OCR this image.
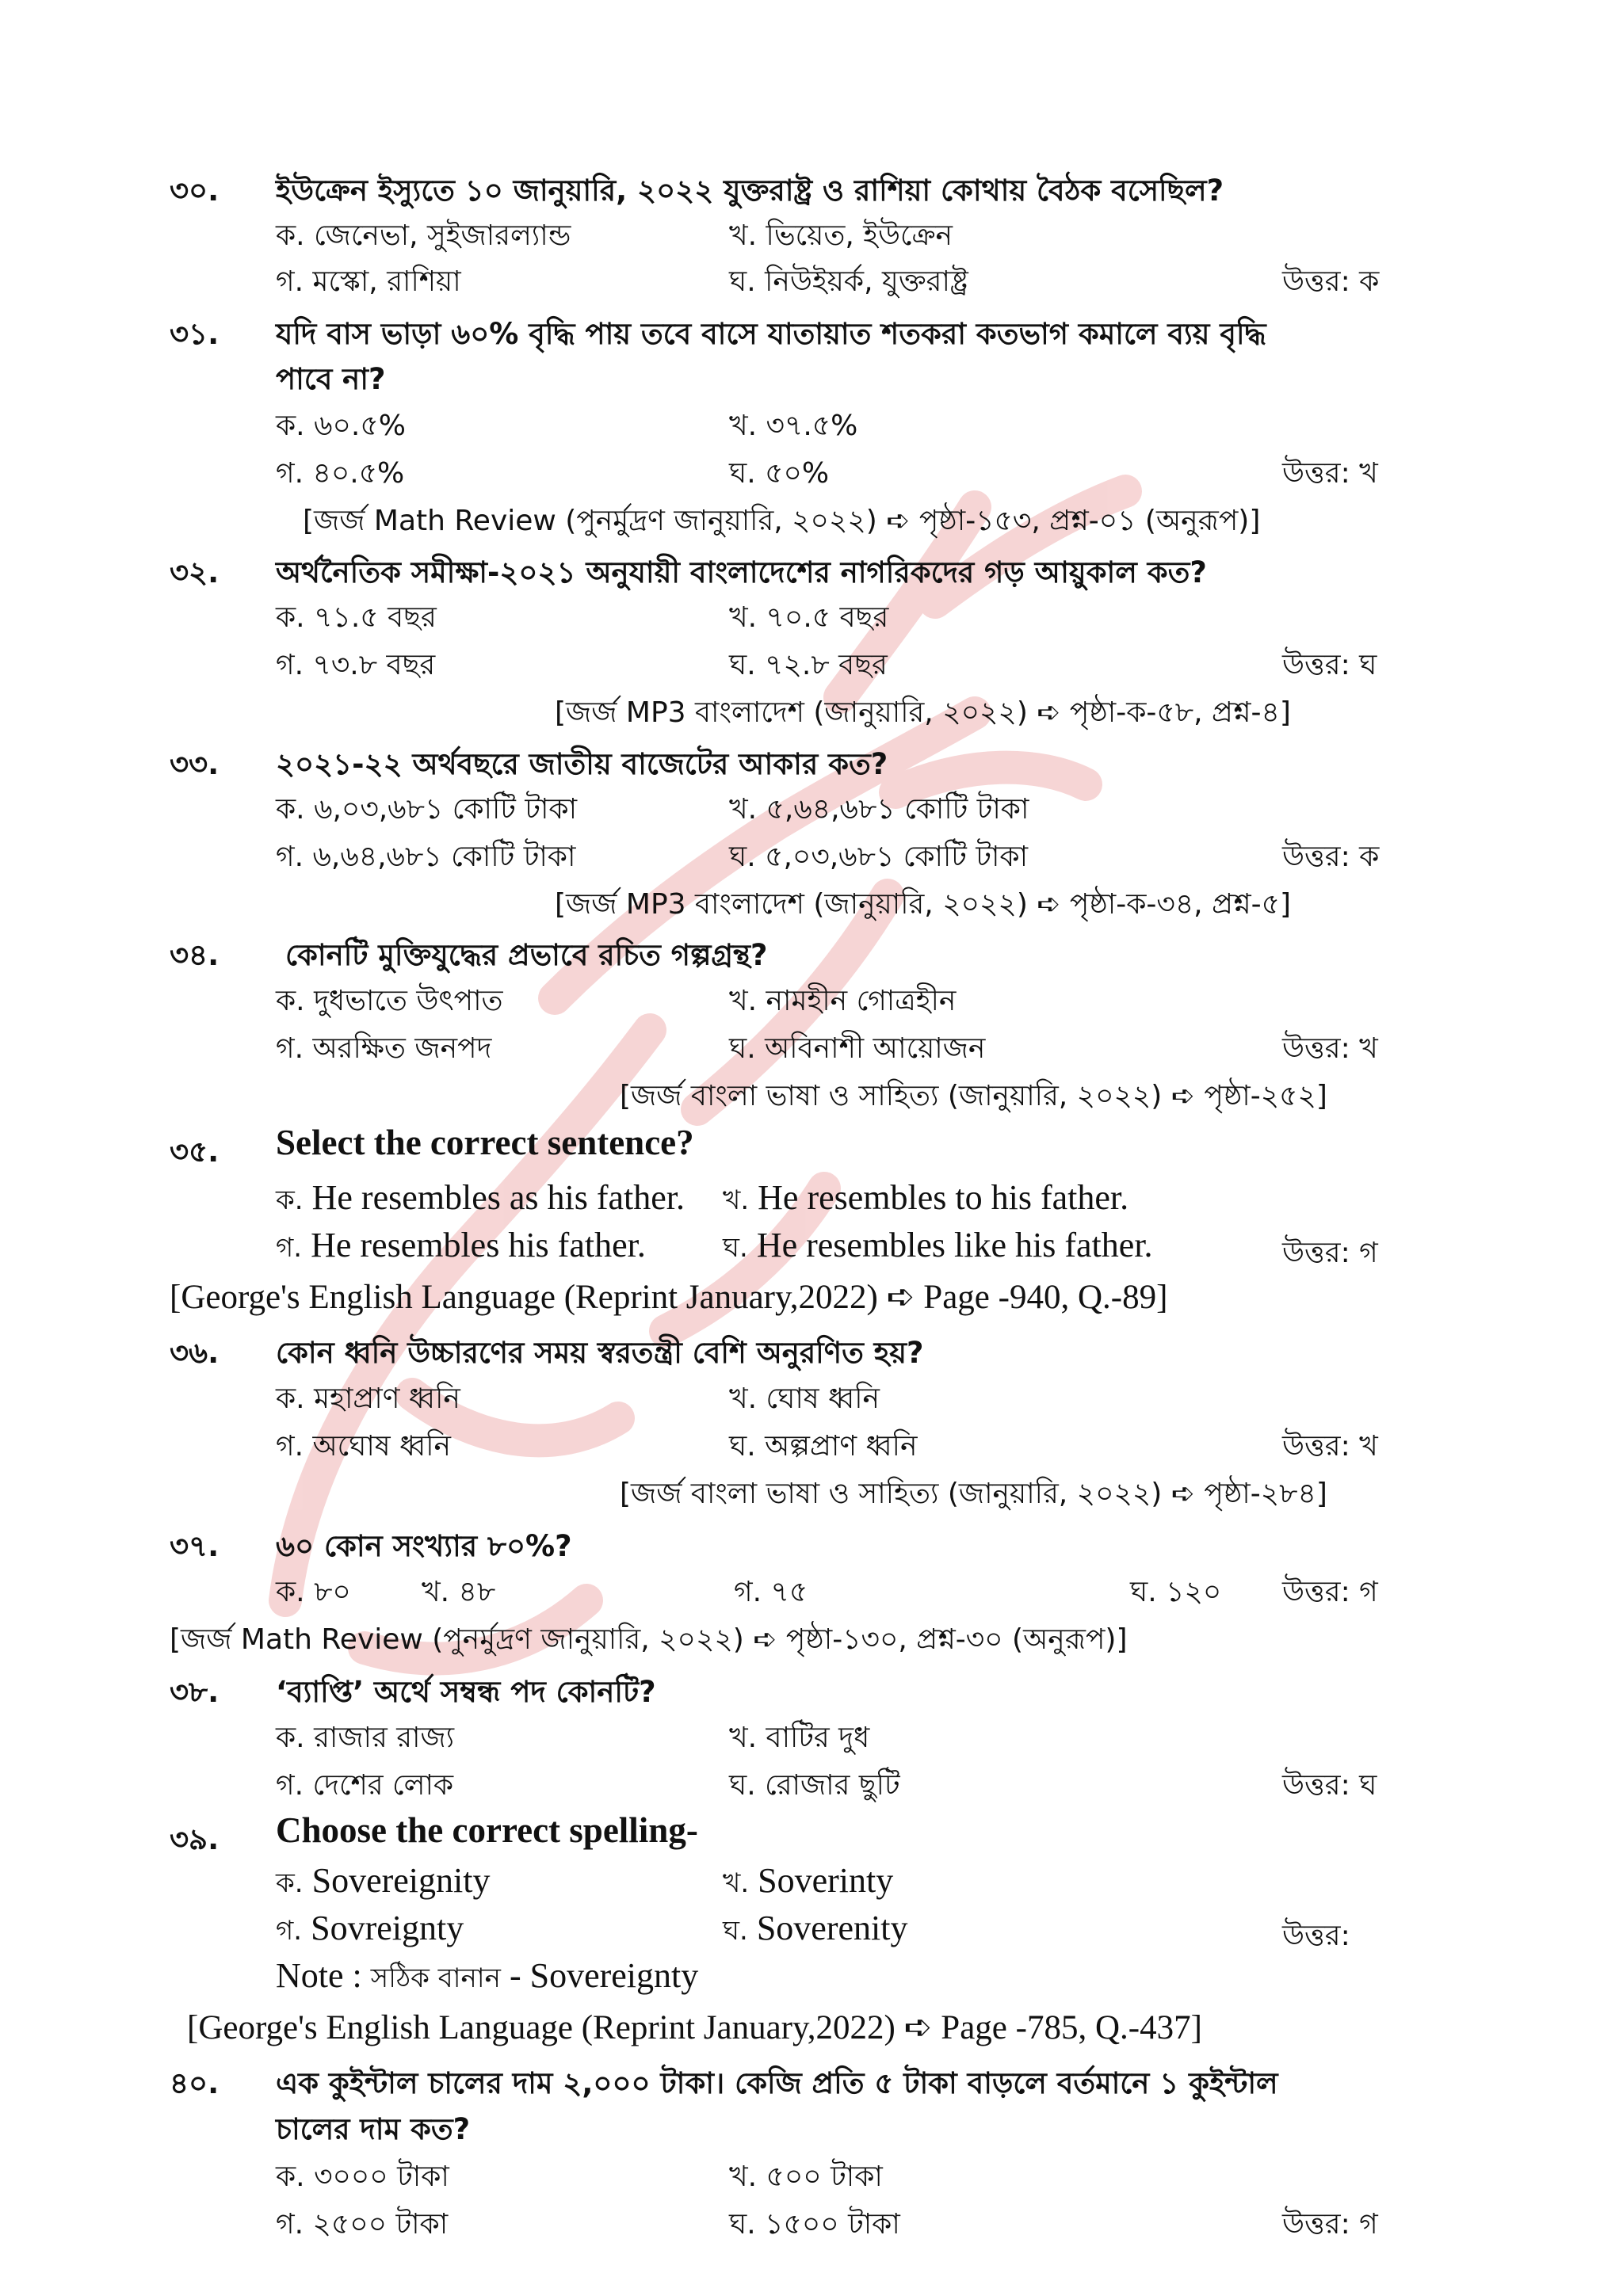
৩০. ইউক্রেন ইস্যুতে ১০ জানুয়ারি, ২০২২ যুক্তরাষ্ট্র ও রাশিয়া কোথায় বৈঠক বসেছিল?
ক. জেনেভা, সুইজারল্যান্ড	খ. ভিয়েত, ইউক্রেন
গ. মস্কো, রাশিয়া	ঘ. নিউইয়র্ক, যুক্তরাষ্ট্র	উত্তর: ক
৩১. যদি বাস ভাড়া ৬০% বৃদ্ধি পায় তবে বাসে যাতায়াত শতকরা কতভাগ কমালে ব্যয় বৃদ্ধি
পাবে না?
ক. ৬০.৫%	খ. ৩৭.৫%
গ. ৪০.৫%	ঘ. ৫০%	উত্তর: খ
[জর্জ Math Review (পুনর্মুদ্রণ জানুয়ারি, ২০২২) ➪ পৃষ্ঠা-১৫৩, প্রশ্ন-০১ (অনুরূপ)]
৩২. অর্থনৈতিক সমীক্ষা-২০২১ অনুযায়ী বাংলাদেশের নাগরিকদের গড় আয়ুকাল কত?
ক. ৭১.৫ বছর	খ. ৭০.৫ বছর
গ. ৭৩.৮ বছর	ঘ. ৭২.৮ বছর	উত্তর: ঘ
[জর্জ MP3 বাংলাদেশ (জানুয়ারি, ২০২২) ➪ পৃষ্ঠা-ক-৫৮, প্রশ্ন-৪]
৩৩. ২০২১-২২ অর্থবছরে জাতীয় বাজেটের আকার কত?
ক. ৬,০৩,৬৮১ কোটি টাকা	খ. ৫,৬৪,৬৮১ কোটি টাকা
গ. ৬,৬৪,৬৮১ কোটি টাকা	ঘ. ৫,০৩,৬৮১ কোটি টাকা	উত্তর: ক
[জর্জ MP3 বাংলাদেশ (জানুয়ারি, ২০২২) ➪ পৃষ্ঠা-ক-৩৪, প্রশ্ন-৫]
৩৪. কোনটি মুক্তিযুদ্ধের প্রভাবে রচিত গল্পগ্রন্থ?
ক. দুধভাতে উৎপাত	খ. নামহীন গোত্রহীন
গ. অরক্ষিত জনপদ	ঘ. অবিনাশী আয়োজন	উত্তর: খ
[জর্জ বাংলা ভাষা ও সাহিত্য (জানুয়ারি, ২০২২) ➪ পৃষ্ঠা-২৫২]
৩৫. Select the correct sentence?
ক. He resembles as his father. খ. He resembles to his father.
গ. He resembles his father.	ঘ. He resembles like his father.	উত্তর: গ
[George's English Language (Reprint January,2022) ➪ Page -940, Q.-89]
৩৬. কোন ধ্বনি উচ্চারণের সময় স্বরতন্ত্রী বেশি অনুরণিত হয়?
ক. মহাপ্রাণ ধ্বনি	খ. ঘোষ ধ্বনি
গ. অঘোষ ধ্বনি	ঘ. অল্পপ্রাণ ধ্বনি	উত্তর: খ
[জর্জ বাংলা ভাষা ও সাহিত্য (জানুয়ারি, ২০২২) ➪ পৃষ্ঠা-২৮৪]
৩৭. ৬০ কোন সংখ্যার ৮০%?
ক. ৮০ খ. ৪৮	গ. ৭৫	ঘ. ১২০ উত্তর: গ
[জর্জ Math Review (পুনর্মুদ্রণ জানুয়ারি, ২০২২) ➪ পৃষ্ঠা-১৩০, প্রশ্ন-৩০ (অনুরূপ)]
৩৮. ‘ব্যাপ্তি’ অর্থে সম্বন্ধ পদ কোনটি?
ক. রাজার রাজ্য	খ. বাটির দুধ
গ. দেশের লোক	ঘ. রোজার ছুটি	উত্তর: ঘ
৩৯. Choose the correct spelling-
ক. Sovereignity	খ. Soverinty
গ. Sovreignty	ঘ. Soverenity	উত্তর:
Note : সঠিক বানান - Sovereignty
[George's English Language (Reprint January,2022) ➪ Page -785, Q.-437]
৪০. এক কুইন্টাল চালের দাম ২,০০০ টাকা। কেজি প্রতি ৫ টাকা বাড়লে বর্তমানে ১ কুইন্টাল
চালের দাম কত?
ক. ৩০০০ টাকা	খ. ৫০০ টাকা
গ. ২৫০০ টাকা	ঘ. ১৫০০ টাকা	উত্তর: গ
